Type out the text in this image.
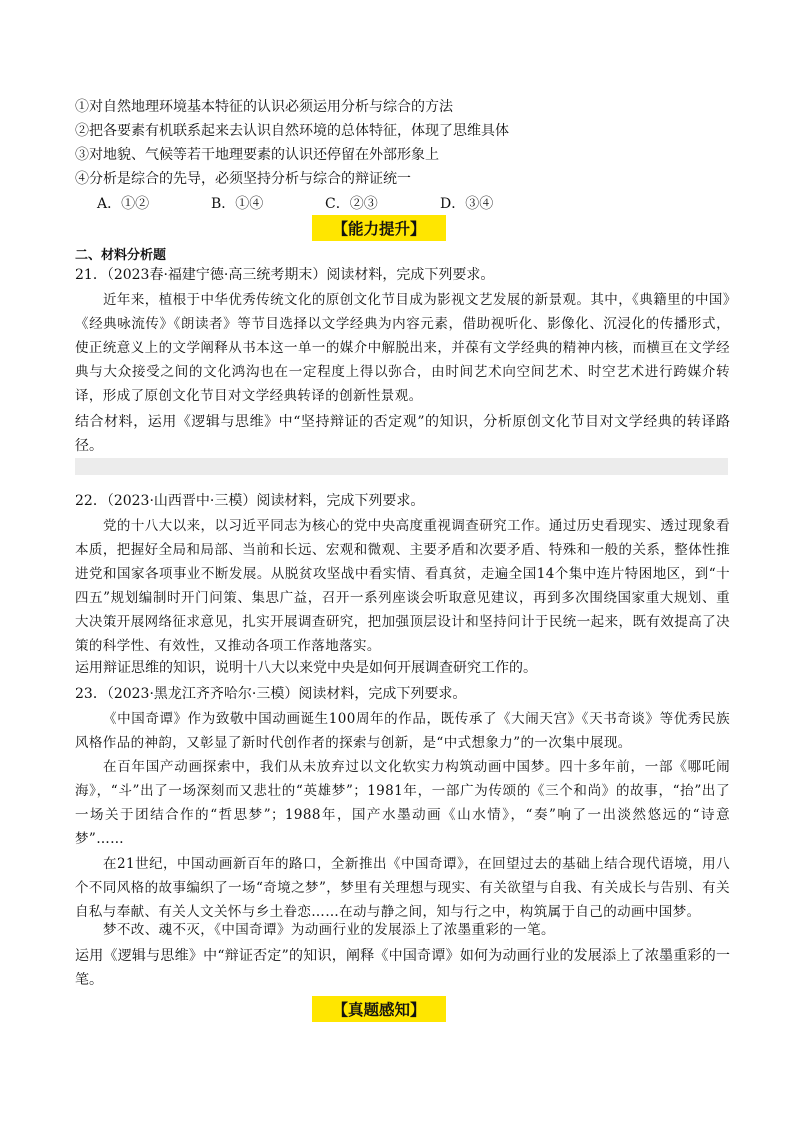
①对自然地理环境基本特征的认识必须运用分析与综合的方法
②把各要素有机联系起来去认识自然环境的总体特征，体现了思维具体
③对地貌、气候等若干地理要素的认识还停留在外部形象上
④分析是综合的先导，必须坚持分析与综合的辩证统一
A．①②	B．①④	C．②③	D．③④
【能力提升】
二、材料分析题
21．（2023春·福建宁德·高三统考期末）阅读材料，完成下列要求。
近年来，植根于中华优秀传统文化的原创文化节目成为影视文艺发展的新景观。其中，《典籍里的中国》《经典咏流传》《朗读者》等节目选择以文学经典为内容元素，借助视听化、影像化、沉浸化的传播形式，使正统意义上的文学阐释从书本这一单一的媒介中解脱出来，并葆有文学经典的精神内核，而横亘在文学经典与大众接受之间的文化鸿沟也在一定程度上得以弥合，由时间艺术向空间艺术、时空艺术进行跨媒介转译，形成了原创文化节目对文学经典转译的创新性景观。
结合材料，运用《逻辑与思维》中“坚持辩证的否定观”的知识，分析原创文化节目对文学经典的转译路径。
22．（2023·山西晋中·三模）阅读材料，完成下列要求。
党的十八大以来，以习近平同志为核心的党中央高度重视调查研究工作。通过历史看现实、透过现象看本质，把握好全局和局部、当前和长远、宏观和微观、主要矛盾和次要矛盾、特殊和一般的关系，整体性推进党和国家各项事业不断发展。从脱贫攻坚战中看实情、看真贫，走遍全国14个集中连片特困地区，到“十四五”规划编制时开门问策、集思广益，召开一系列座谈会听取意见建议，再到多次围绕国家重大规划、重大决策开展网络征求意见，扎实开展调查研究，把加强顶层设计和坚持问计于民统一起来，既有效提高了决策的科学性、有效性，又推动各项工作落地落实。
运用辩证思维的知识，说明十八大以来党中央是如何开展调查研究工作的。
23．（2023·黑龙江齐齐哈尔·三模）阅读材料，完成下列要求。
《中国奇谭》作为致敬中国动画诞生100周年的作品，既传承了《大闹天宫》《天书奇谈》等优秀民族风格作品的神韵，又彰显了新时代创作者的探索与创新，是“中式想象力”的一次集中展现。
在百年国产动画探索中，我们从未放弃过以文化软实力构筑动画中国梦。四十多年前，一部《哪吒闹海》，“斗”出了一场深刻而又悲壮的“英雄梦”；1981年，一部广为传颂的《三个和尚》的故事，“抬”出了一场关于团结合作的“哲思梦”；1988年，国产水墨动画《山水情》，“奏”响了一出淡然悠远的“诗意梦”……
在21世纪，中国动画新百年的路口，全新推出《中国奇谭》，在回望过去的基础上结合现代语境，用八个不同风格的故事编织了一场“奇境之梦”，梦里有关理想与现实、有关欲望与自我、有关成长与告别、有关自私与奉献、有关人文关怀与乡土眷恋……在动与静之间，知与行之中，构筑属于自己的动画中国梦。
梦不改、魂不灭，《中国奇谭》为动画行业的发展添上了浓墨重彩的一笔。
运用《逻辑与思维》中“辩证否定”的知识，阐释《中国奇谭》如何为动画行业的发展添上了浓墨重彩的一笔。
【真题感知】
